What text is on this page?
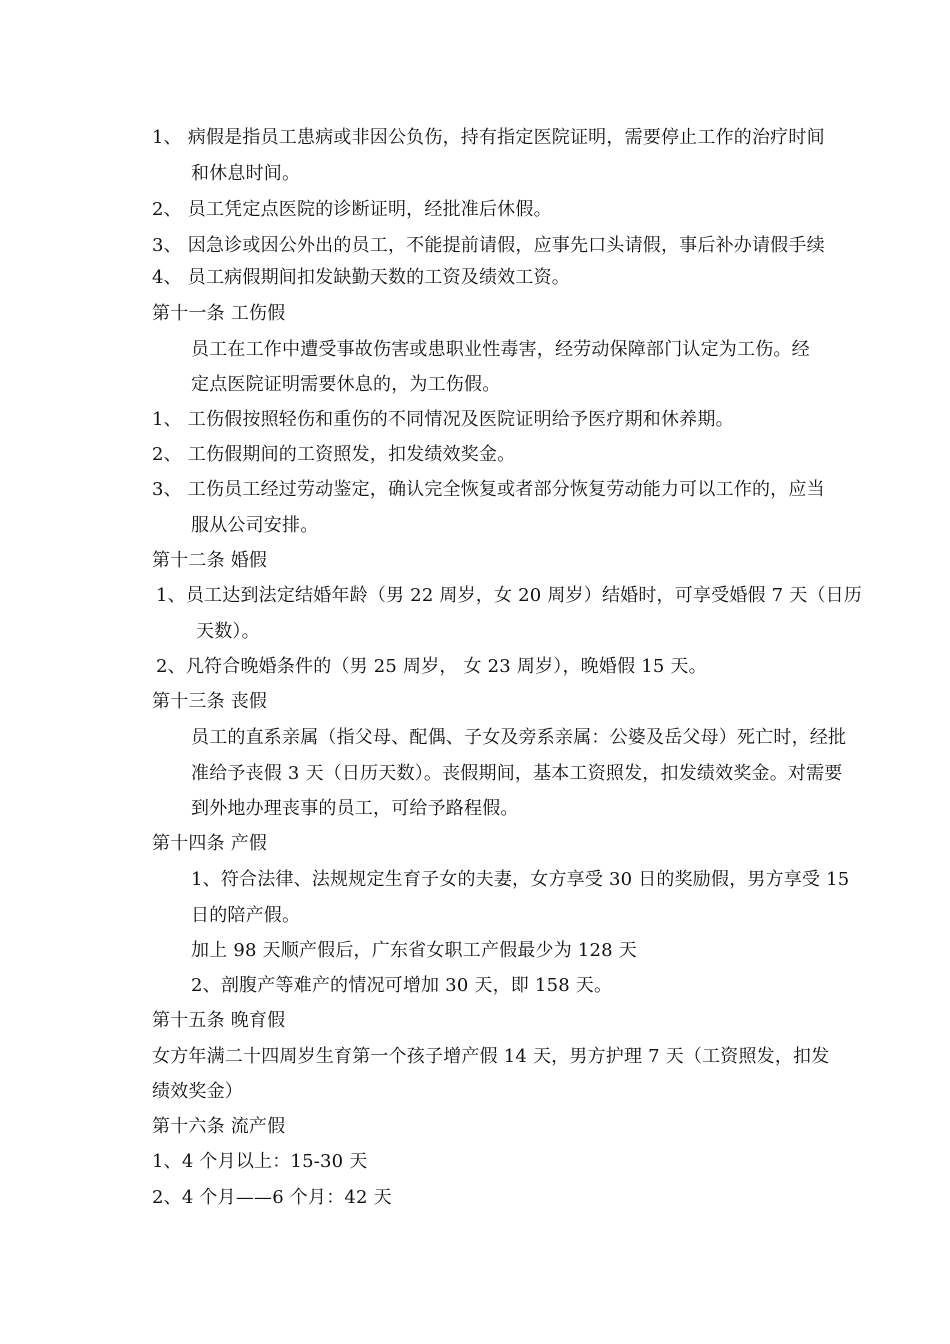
1、 病假是指员工患病或非因公负伤，持有指定医院证明，需要停止工作的治疗时间
和休息时间。
2、 员工凭定点医院的诊断证明，经批准后休假。
3、 因急诊或因公外出的员工，不能提前请假，应事先口头请假，事后补办请假手续
4、 员工病假期间扣发缺勤天数的工资及绩效工资。
第十一条 工伤假
员工在工作中遭受事故伤害或患职业性毒害，经劳动保障部门认定为工伤。经
定点医院证明需要休息的，为工伤假。
1、 工伤假按照轻伤和重伤的不同情况及医院证明给予医疗期和休养期。
2、 工伤假期间的工资照发，扣发绩效奖金。
3、 工伤员工经过劳动鉴定，确认完全恢复或者部分恢复劳动能力可以工作的，应当
服从公司安排。
第十二条 婚假
1、员工达到法定结婚年龄（男 22 周岁，女 20 周岁）结婚时，可享受婚假 7 天（日历
天数）。
2、凡符合晚婚条件的（男 25 周岁， 女 23 周岁），晚婚假 15 天。
第十三条 丧假
员工的直系亲属（指父母、配偶、子女及旁系亲属：公婆及岳父母）死亡时，经批
准给予丧假 3 天（日历天数）。丧假期间，基本工资照发，扣发绩效奖金。对需要
到外地办理丧事的员工，可给予路程假。
第十四条 产假
1、符合法律、法规规定生育子女的夫妻，女方享受 30 日的奖励假，男方享受 15
日的陪产假。
加上 98 天顺产假后，广东省女职工产假最少为 128 天
2、剖腹产等难产的情况可增加 30 天，即 158 天。
第十五条 晚育假
女方年满二十四周岁生育第一个孩子增产假 14 天，男方护理 7 天（工资照发，扣发
绩效奖金）
第十六条 流产假
1、4 个月以上：15-30 天
2、4 个月——6 个月：42 天
